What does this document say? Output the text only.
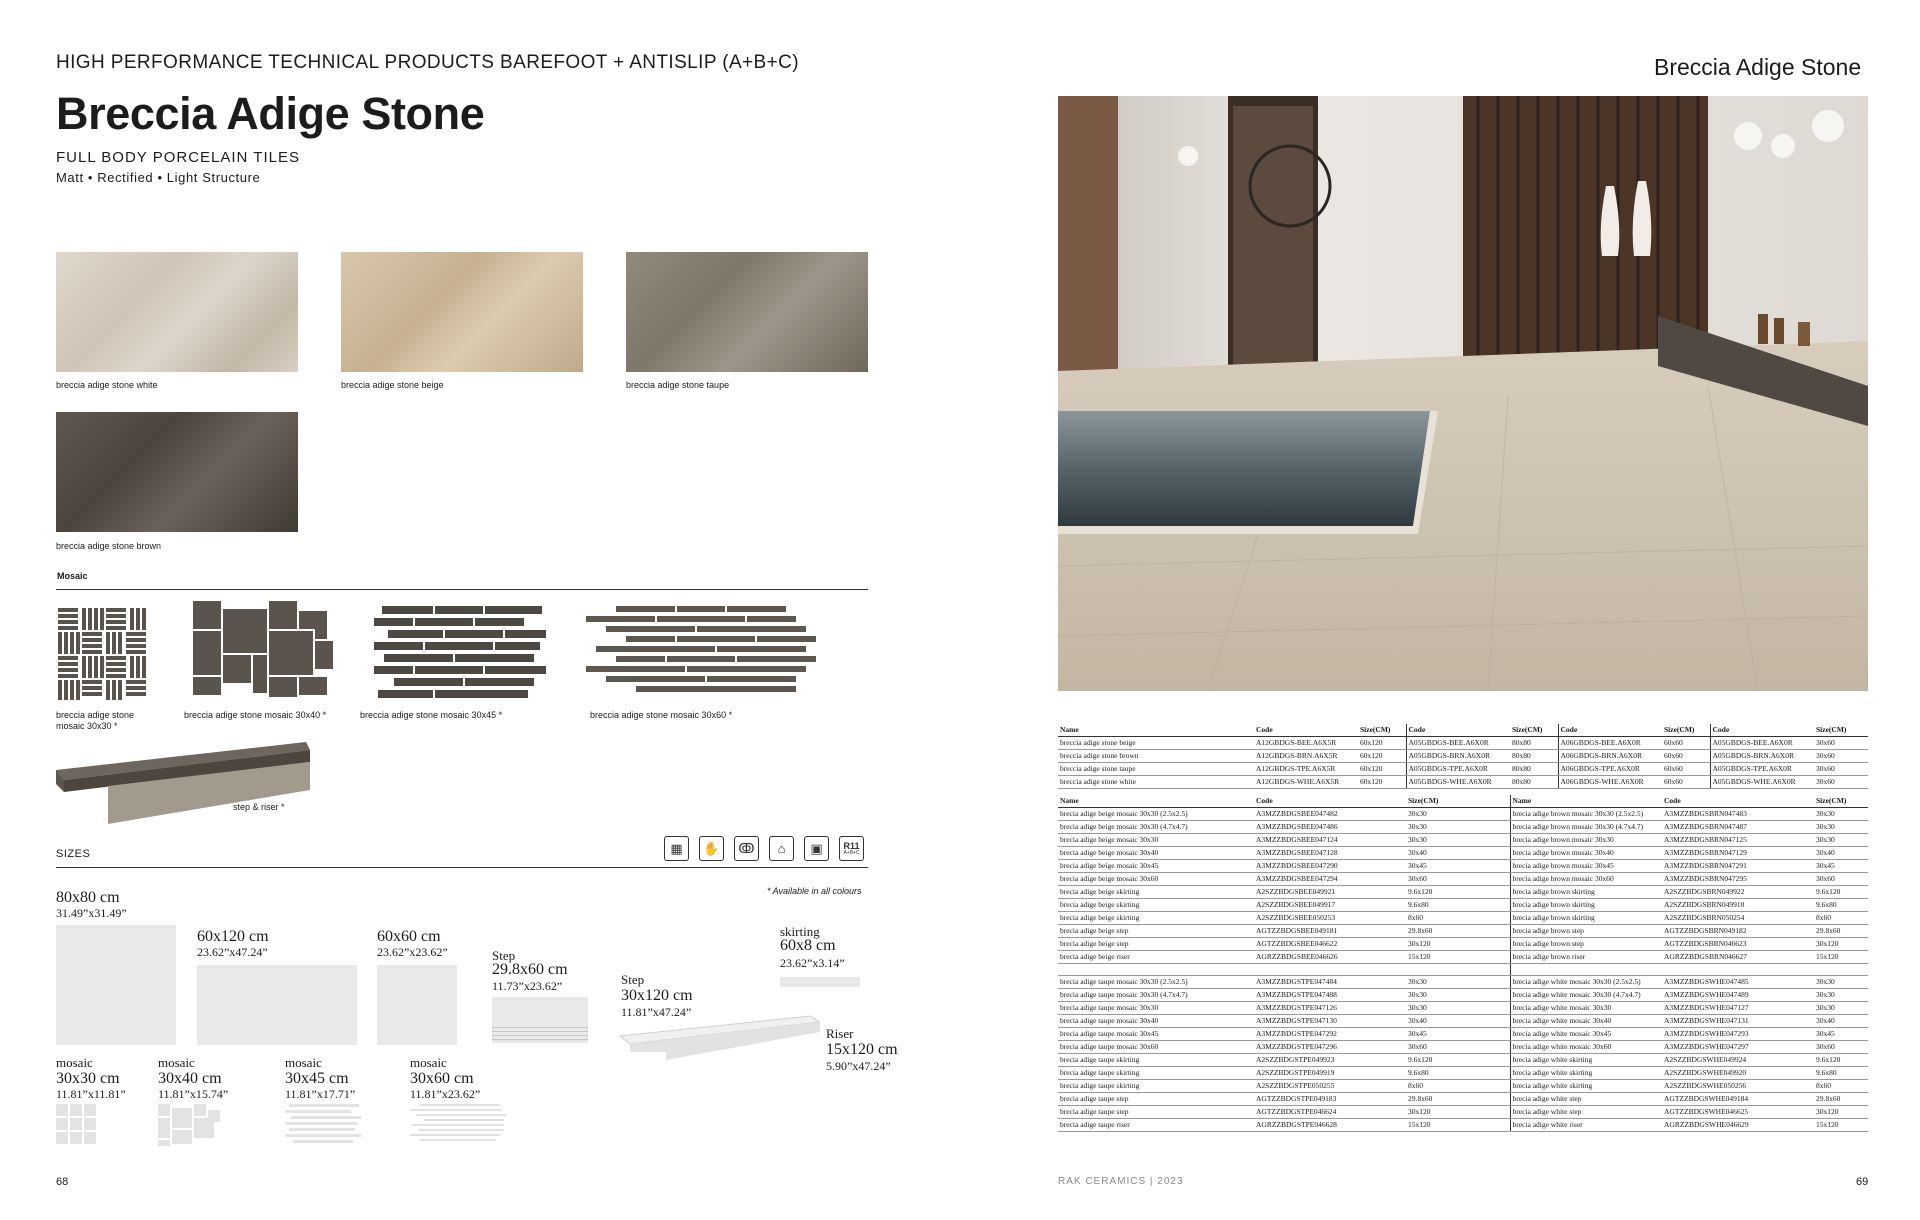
HIGH PERFORMANCE TECHNICAL PRODUCTS BAREFOOT + ANTISLIP (A+B+C)
Breccia Adige Stone
FULL BODY PORCELAIN TILES
Matt • Rectified • Light Structure
breccia adige stone white	breccia adige stone beige	breccia adige stone taupe
breccia adige stone brown
Mosaic
breccia adige stone mosaic 30x30 *
breccia adige stone mosaic 30x40 *	breccia adige stone mosaic 30x45 *	breccia adige stone mosaic 30x60 *
step & riser *
SIZES	▦	✋	ↂ	⌂	▣	R11
A+B+C
* Available in all colours
80x80 cm
31.49”x31.49”
60x120 cm
23.62”x47.24”
60x60 cm
23.62”x23.62”	Step
29.8x60 cm
11.73”x23.62”
skirting
60x8 cm
23.62”x3.14”
Step
30x120 cm
11.81”x47.24”
Riser
15x120 cm
5.90”x47.24”
mosaic
30x30 cm
11.81”x11.81”
mosaic
30x40 cm
11.81”x15.74”
mosaic
30x45 cm
11.81”x17.71”
mosaic
30x60 cm
11.81”x23.62”
68
Breccia Adige Stone
Name	Code	Size(CM)	Code	Size(CM)	Code	Size(CM)	Code	Size(CM)
breccia adige stone beige	A12GBDGS-BEE.A6X5R	60x120	A05GBDGS-BEE.A6X0R	80x80	A06GBDGS-BEE.A6X0R	60x60	A05GBDGS-BEE.A6X0R	30x60
breccia adige stone brown	A12GBDGS-BRN.A6X5R	60x120	A05GBDGS-BRN.A6X0R	80x80	A06GBDGS-BRN.A6X0R	60x60	A05GBDGS-BRN.A6X0R	30x60
breccia adige stone taupe	A12GBDGS-TPE.A6X5R	60x120	A05GBDGS-TPE.A6X0R	80x80	A06GBDGS-TPE.A6X0R	60x60	A05GBDGS-TPE.A6X0R	30x60
breccia adige stone white	A12GBDGS-WHE.A6X5R	60x120	A05GBDGS-WHE.A6X0R	80x80	A06GBDGS-WHE.A6X0R	60x60	A05GBDGS-WHE.A6X0R	30x60

Name	Code		Size(CM)	Name		Code		Size(CM)
brecia adige beige mosaic 30x30 (2.5x2.5)	A3MZZBDGSBEE047482		30x30	brecia adige brown mosaic 30x30 (2.5x2.5)		A3MZZBDGSBRN047483		30x30
brecia adige beige mosaic 30x30 (4.7x4.7)	A3MZZBDGSBEE047486		30x30	brecia adige brown mosaic 30x30 (4.7x4.7)		A3MZZBDGSBRN047487		30x30
brecia adige beige mosaic 30x30	A3MZZBDGSBEE047124		30x30	brecia adige brown mosaic 30x30		A3MZZBDGSBRN047125		30x30
brecia adige beige mosaic 30x40	A3MZZBDGSBEE047128		30x40	brecia adige brown mosaic 30x40		A3MZZBDGSBRN047129		30x40
brecia adige beige mosaic 30x45	A3MZZBDGSBEE047290		30x45	brecia adige brown mosaic 30x45		A3MZZBDGSBRN047291		30x45
brecia adige beige mosaic 30x60	A3MZZBDGSBEE047294		30x60	brecia adige brown mosaic 30x60		A3MZZBDGSBRN047295		30x60
brecia adige beige skirting	A2SZZBDGSBEE049921		9.6x120	brecia adige brown skirting		A2SZZBDGSBRN049922		9.6x120
brecia adige beige skirting	A2SZZBDGSBEE049917		9.6x80	brecia adige brown skirting		A2SZZBDGSBRN049918		9.6x80
brecia adige beige skirting	A2SZZBDGSBEE050253		8x60	brecia adige brown skirting		A2SZZBDGSBRN050254		8x60
brecia adige beige step	AGTZZBDGSBEE049181		29.8x60	brecia adige brown step		AGTZZBDGSBRN049182		29.8x60
brecia adige beige step	AGTZZBDGSBEE046622		30x120	brecia adige brown step		AGTZZBDGSBRN046623		30x120
brecia adige beige riser	AGRZZBDGSBEE046626		15x120	brecia adige brown riser		AGRZZBDGSBRN046627		15x120

brecia adige taupe mosaic 30x30 (2.5x2.5)	A3MZZBDGSTPE047484		30x30	brecia adige white mosaic 30x30 (2.5x2.5)		A3MZZBDGSWHE047485		30x30
brecia adige taupe mosaic 30x30 (4.7x4.7)	A3MZZBDGSTPE047488		30x30	brecia adige white mosaic 30x30 (4.7x4.7)		A3MZZBDGSWHE047489		30x30
brecia adige taupe mosaic 30x30	A3MZZBDGSTPE047126		30x30	brecia adige white mosaic 30x30		A3MZZBDGSWHE047127		30x30
brecia adige taupe mosaic 30x40	A3MZZBDGSTPE047130		30x40	brecia adige white mosaic 30x40		A3MZZBDGSWHE047131		30x40
brecia adige taupe mosaic 30x45	A3MZZBDGSTPE047292		30x45	brecia adige white mosaic 30x45		A3MZZBDGSWHE047293		30x45
brecia adige taupe mosaic 30x60	A3MZZBDGSTPE047296		30x60	brecia adige white mosaic 30x60		A3MZZBDGSWHE047297		30x60
brecia adige taupe skirting	A2SZZBDGSTPE049923		9.6x120	brecia adige white skirting		A2SZZBDGSWHE049924		9.6x120
brecia adige taupe skirting	A2SZZBDGSTPE049919		9.6x80	brecia adige white skirting		A2SZZBDGSWHE049920		9.6x80
brecia adige taupe skirting	A2SZZBDGSTPE050255		8x60	brecia adige white skirting		A2SZZBDGSWHE050256		8x60
brecia adige taupe step	AGTZZBDGSTPE049183		29.8x60	brecia adige white step		AGTZZBDGSWHE049184		29.8x60
brecia adige taupe step	AGTZZBDGSTPE046624		30x120	brecia adige white step		AGTZZBDGSWHE046625		30x120
brecia adige taupe riser	AGRZZBDGSTPE046628		15x120	brecia adige white riser		AGRZZBDGSWHE046629		15x120
RAK CERAMICS | 2023	69
